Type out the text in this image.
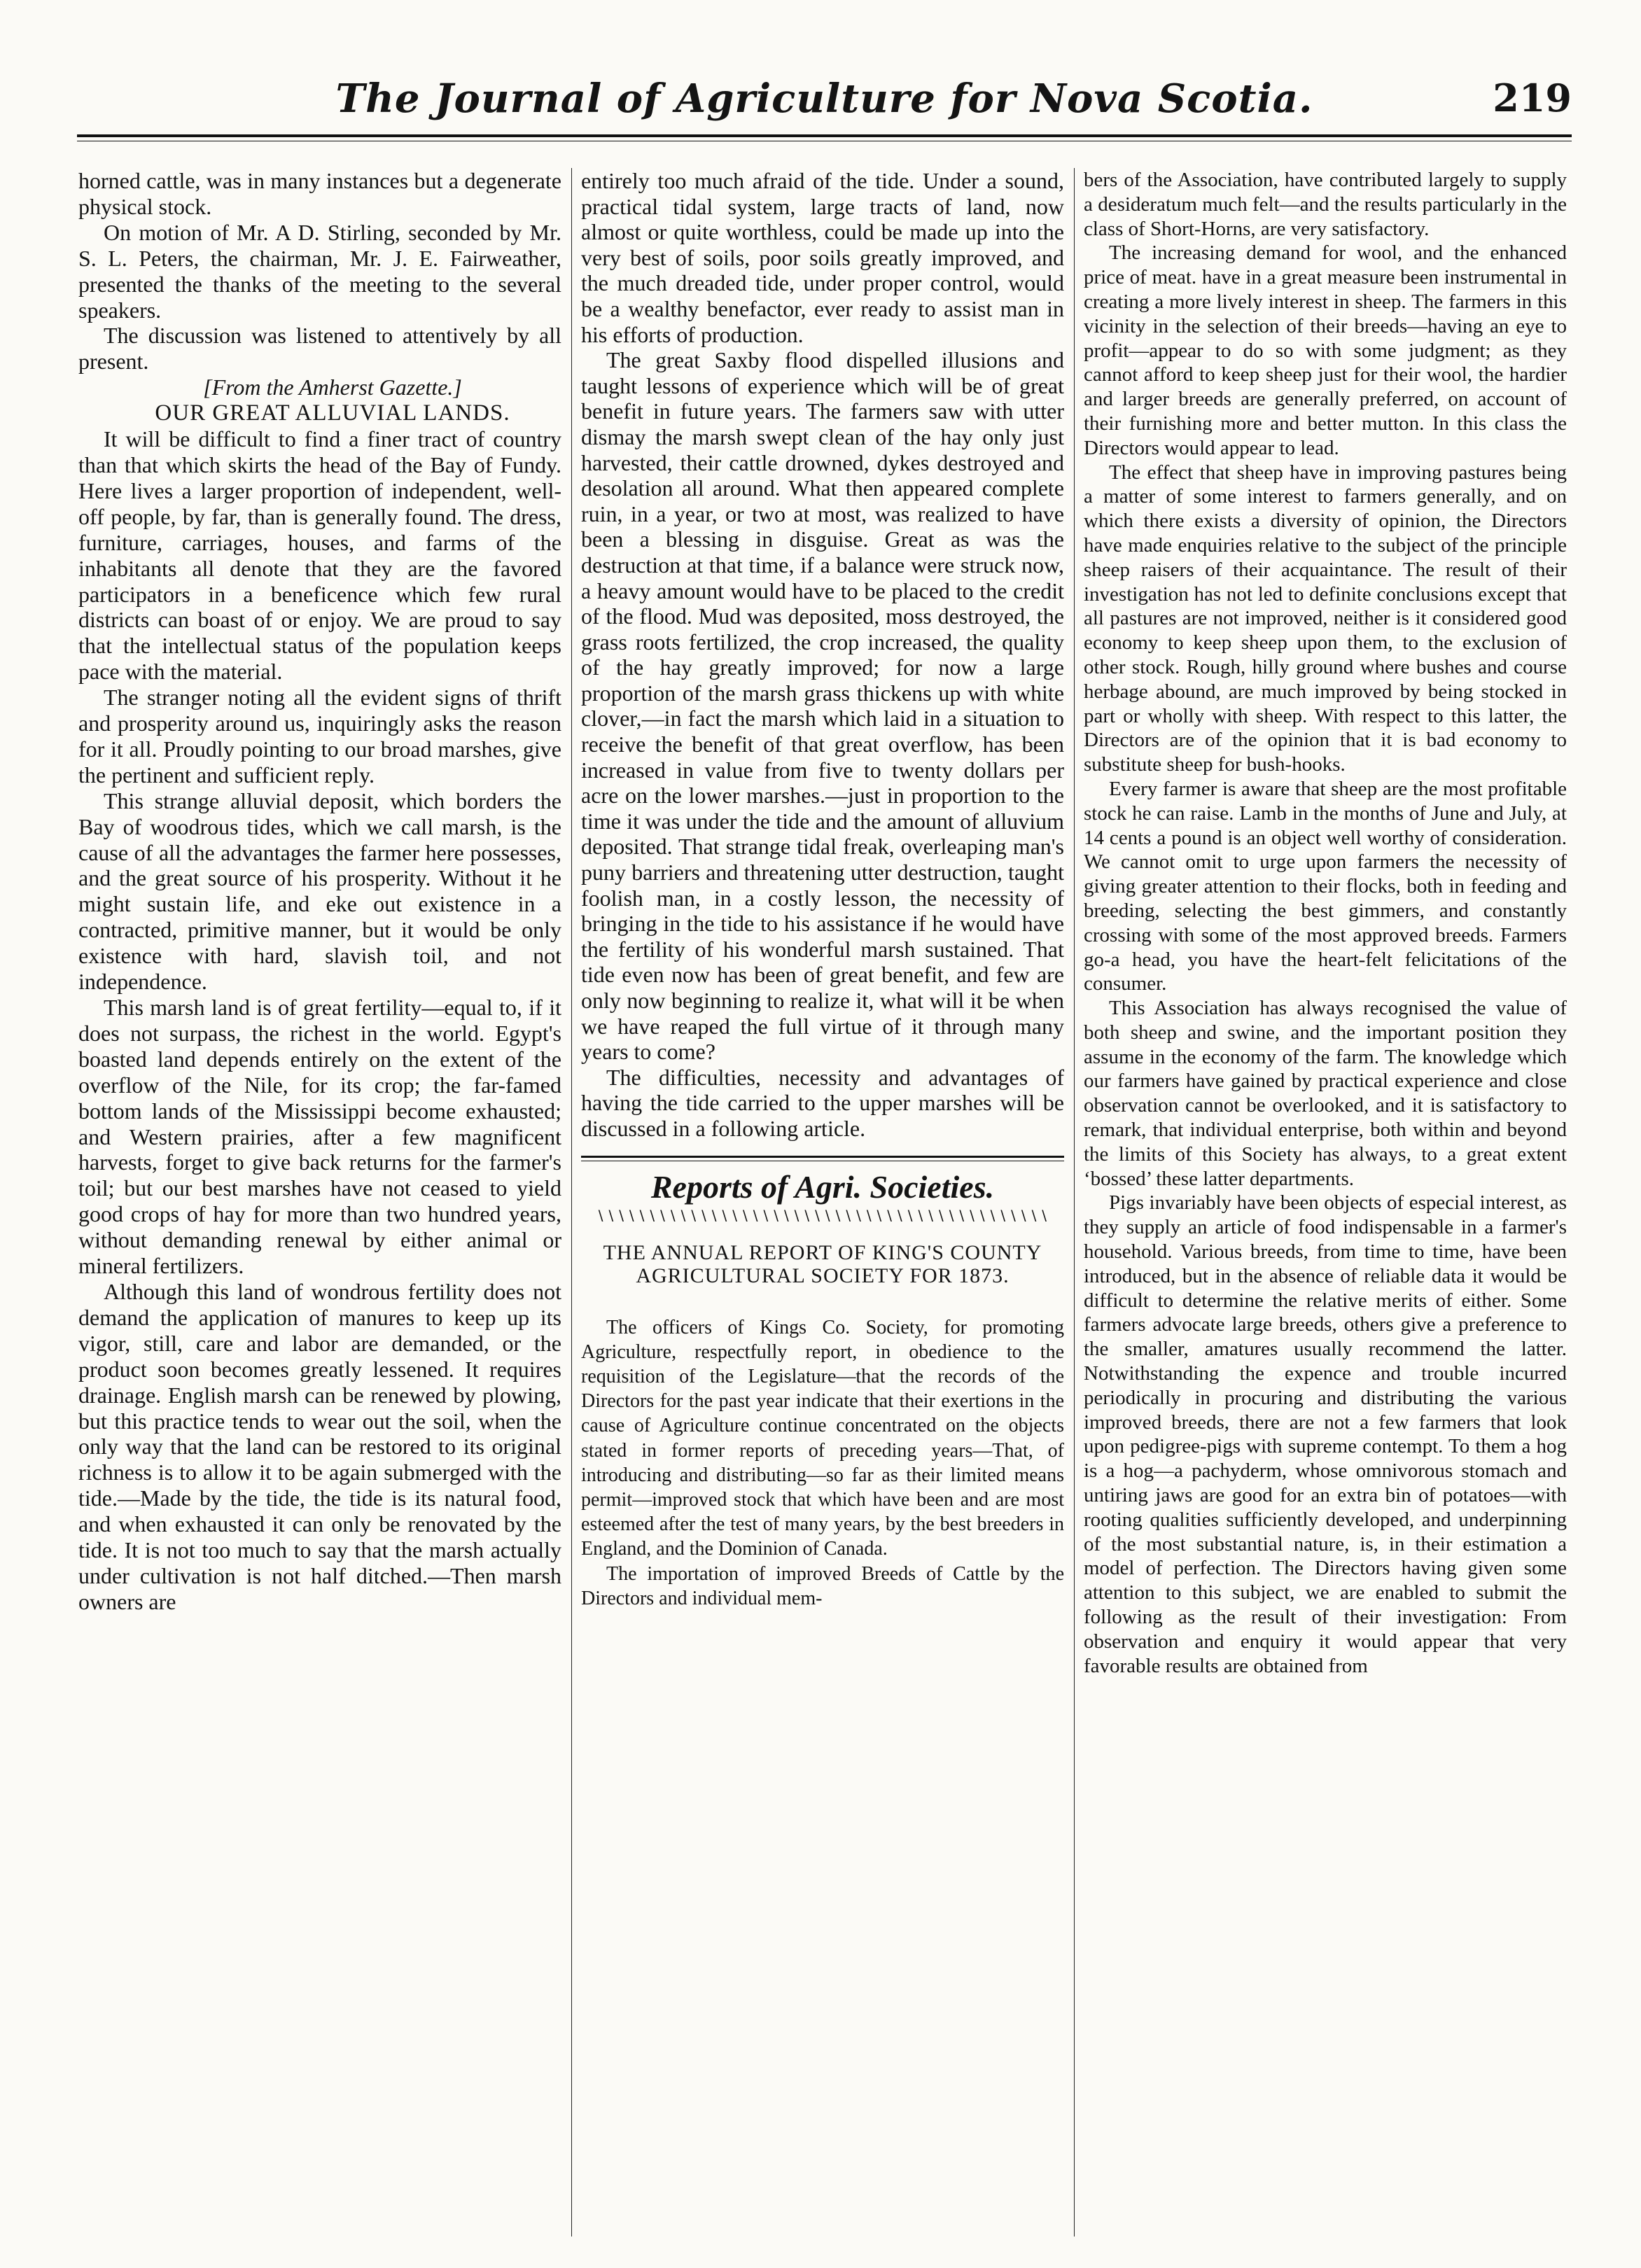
The Journal of Agriculture for Nova Scotia.	219

horned cattle, was in many instances but a degenerate physical stock.

On motion of Mr. A D. Stirling, seconded by Mr. S. L. Peters, the chairman, Mr. J. E. Fairweather, presented the thanks of the meeting to the several speakers.

The discussion was listened to attentively by all present.

[From the Amherst Gazette.]

OUR GREAT ALLUVIAL LANDS.

It will be difficult to find a finer tract of country than that which skirts the head of the Bay of Fundy. Here lives a larger proportion of independent, well-off people, by far, than is generally found. The dress, furniture, carriages, houses, and farms of the inhabitants all denote that they are the favored participators in a beneficence which few rural districts can boast of or enjoy. We are proud to say that the intellectual status of the population keeps pace with the material.

The stranger noting all the evident signs of thrift and prosperity around us, inquiringly asks the reason for it all. Proudly pointing to our broad marshes, give the pertinent and sufficient reply.

This strange alluvial deposit, which borders the Bay of woodrous tides, which we call marsh, is the cause of all the advantages the farmer here possesses, and the great source of his prosperity. Without it he might sustain life, and eke out existence in a contracted, primitive manner, but it would be only existence with hard, slavish toil, and not independence.

This marsh land is of great fertility—equal to, if it does not surpass, the richest in the world. Egypt's boasted land depends entirely on the extent of the overflow of the Nile, for its crop; the far-famed bottom lands of the Mississippi become exhausted; and Western prairies, after a few magnificent harvests, forget to give back returns for the farmer's toil; but our best marshes have not ceased to yield good crops of hay for more than two hundred years, without demanding renewal by either animal or mineral fertilizers.

Although this land of wondrous fertility does not demand the application of manures to keep up its vigor, still, care and labor are demanded, or the product soon becomes greatly lessened. It requires drainage. English marsh can be renewed by plowing, but this practice tends to wear out the soil, when the only way that the land can be restored to its original richness is to allow it to be again submerged with the tide.—Made by the tide, the tide is its natural food, and when exhausted it can only be renovated by the tide. It is not too much to say that the marsh actually under cultivation is not half ditched.—Then marsh owners are

entirely too much afraid of the tide. Under a sound, practical tidal system, large tracts of land, now almost or quite worthless, could be made up into the very best of soils, poor soils greatly improved, and the much dreaded tide, under proper control, would be a wealthy benefactor, ever ready to assist man in his efforts of production.

The great Saxby flood dispelled illusions and taught lessons of experience which will be of great benefit in future years. The farmers saw with utter dismay the marsh swept clean of the hay only just harvested, their cattle drowned, dykes destroyed and desolation all around. What then appeared complete ruin, in a year, or two at most, was realized to have been a blessing in disguise. Great as was the destruction at that time, if a balance were struck now, a heavy amount would have to be placed to the credit of the flood. Mud was deposited, moss destroyed, the grass roots fertilized, the crop increased, the quality of the hay greatly improved; for now a large proportion of the marsh grass thickens up with white clover,—in fact the marsh which laid in a situation to receive the benefit of that great overflow, has been increased in value from five to twenty dollars per acre on the lower marshes.—just in proportion to the time it was under the tide and the amount of alluvium deposited. That strange tidal freak, overleaping man's puny barriers and threatening utter destruction, taught foolish man, in a costly lesson, the necessity of bringing in the tide to his assistance if he would have the fertility of his wonderful marsh sustained. That tide even now has been of great benefit, and few are only now beginning to realize it, what will it be when we have reaped the full virtue of it through many years to come?

The difficulties, necessity and advantages of having the tide carried to the upper marshes will be discussed in a following article.

Reports of Agri. Societies.
∖∖∖∖∖∖∖∖∖∖∖∖∖∖∖∖∖∖∖∖∖∖∖∖∖∖∖∖∖∖∖∖∖∖∖∖∖∖∖∖∖∖∖∖
THE ANNUAL REPORT OF KING'S COUNTY AGRICULTURAL SOCIETY FOR 1873.

The officers of Kings Co. Society, for promoting Agriculture, respectfully report, in obedience to the requisition of the Legislature—that the records of the Directors for the past year indicate that their exertions in the cause of Agriculture continue concentrated on the objects stated in former reports of preceding years—That, of introducing and distributing—so far as their limited means permit—improved stock that which have been and are most esteemed after the test of many years, by the best breeders in England, and the Dominion of Canada.

The importation of improved Breeds of Cattle by the Directors and individual mem-

bers of the Association, have contributed largely to supply a desideratum much felt—and the results particularly in the class of Short-Horns, are very satisfactory.

The increasing demand for wool, and the enhanced price of meat. have in a great measure been instrumental in creating a more lively interest in sheep. The farmers in this vicinity in the selection of their breeds—having an eye to profit—appear to do so with some judgment; as they cannot afford to keep sheep just for their wool, the hardier and larger breeds are generally preferred, on account of their furnishing more and better mutton. In this class the Directors would appear to lead.

The effect that sheep have in improving pastures being a matter of some interest to farmers generally, and on which there exists a diversity of opinion, the Directors have made enquiries relative to the subject of the principle sheep raisers of their acquaintance. The result of their investigation has not led to definite conclusions except that all pastures are not improved, neither is it considered good economy to keep sheep upon them, to the exclusion of other stock. Rough, hilly ground where bushes and course herbage abound, are much improved by being stocked in part or wholly with sheep. With respect to this latter, the Directors are of the opinion that it is bad economy to substitute sheep for bush-hooks.

Every farmer is aware that sheep are the most profitable stock he can raise. Lamb in the months of June and July, at 14 cents a pound is an object well worthy of consideration. We cannot omit to urge upon farmers the necessity of giving greater attention to their flocks, both in feeding and breeding, selecting the best gimmers, and constantly crossing with some of the most approved breeds. Farmers go-a head, you have the heart-felt felicitations of the consumer.

This Association has always recognised the value of both sheep and swine, and the important position they assume in the economy of the farm. The knowledge which our farmers have gained by practical experience and close observation cannot be overlooked, and it is satisfactory to remark, that individual enterprise, both within and beyond the limits of this Society has always, to a great extent ‘bossed’ these latter departments.

Pigs invariably have been objects of especial interest, as they supply an article of food indispensable in a farmer's household. Various breeds, from time to time, have been introduced, but in the absence of reliable data it would be difficult to determine the relative merits of either. Some farmers advocate large breeds, others give a preference to the smaller, amatures usually recommend the latter. Notwithstanding the expence and trouble incurred periodically in procuring and distributing the various improved breeds, there are not a few farmers that look upon pedigree-pigs with supreme contempt. To them a hog is a hog—a pachyderm, whose omnivorous stomach and untiring jaws are good for an extra bin of potatoes—with rooting qualities sufficiently developed, and underpinning of the most substantial nature, is, in their estimation a model of perfection. The Directors having given some attention to this subject, we are enabled to submit the following as the result of their investigation: From observation and enquiry it would appear that very favorable results are obtained from
